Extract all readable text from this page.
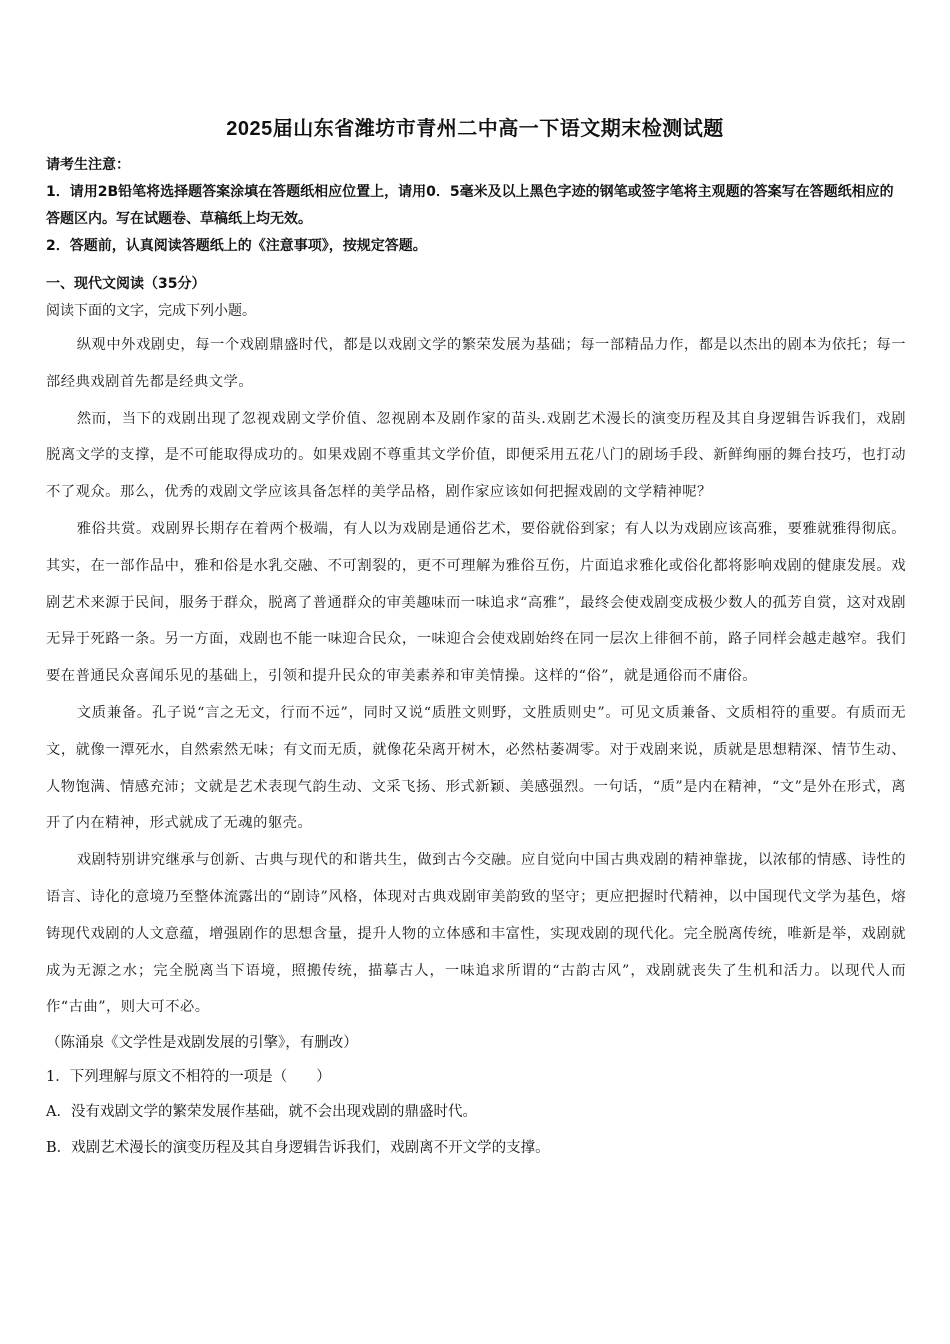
2025届山东省潍坊市青州二中高一下语文期末检测试题

请考生注意：

1．请用2B铅笔将选择题答案涂填在答题纸相应位置上，请用0．5毫米及以上黑色字迹的钢笔或签字笔将主观题的答案写在答题纸相应的答题区内。写在试题卷、草稿纸上均无效。

2．答题前，认真阅读答题纸上的《注意事项》，按规定答题。

一、现代文阅读（35分）

阅读下面的文字，完成下列小题。

纵观中外戏剧史，每一个戏剧鼎盛时代，都是以戏剧文学的繁荣发展为基础；每一部精品力作，都是以杰出的剧本为依托；每一部经典戏剧首先都是经典文学。

然而，当下的戏剧出现了忽视戏剧文学价值、忽视剧本及剧作家的苗头.戏剧艺术漫长的演变历程及其自身逻辑告诉我们，戏剧脱离文学的支撑，是不可能取得成功的。如果戏剧不尊重其文学价值，即便采用五花八门的剧场手段、新鲜绚丽的舞台技巧，也打动不了观众。那么，优秀的戏剧文学应该具备怎样的美学品格，剧作家应该如何把握戏剧的文学精神呢？

雅俗共赏。戏剧界长期存在着两个极端，有人以为戏剧是通俗艺术，要俗就俗到家；有人以为戏剧应该高雅，要雅就雅得彻底。其实，在一部作品中，雅和俗是水乳交融、不可割裂的，更不可理解为雅俗互伤，片面追求雅化或俗化都将影响戏剧的健康发展。戏剧艺术来源于民间，服务于群众，脱离了普通群众的审美趣味而一味追求“高雅”，最终会使戏剧变成极少数人的孤芳自赏，这对戏剧无异于死路一条。另一方面，戏剧也不能一味迎合民众，一味迎合会使戏剧始终在同一层次上徘徊不前，路子同样会越走越窄。我们要在普通民众喜闻乐见的基础上，引领和提升民众的审美素养和审美情操。这样的“俗”，就是通俗而不庸俗。

文质兼备。孔子说“言之无文，行而不远”，同时又说“质胜文则野，文胜质则史”。可见文质兼备、文质相符的重要。有质而无文，就像一潭死水，自然索然无味；有文而无质，就像花朵离开树木，必然枯萎凋零。对于戏剧来说，质就是思想精深、情节生动、人物饱满、情感充沛；文就是艺术表现气韵生动、文采飞扬、形式新颖、美感强烈。一句话，“质”是内在精神，“文”是外在形式，离开了内在精神，形式就成了无魂的躯壳。

戏剧特别讲究继承与创新、古典与现代的和谐共生，做到古今交融。应自觉向中国古典戏剧的精神靠拢，以浓郁的情感、诗性的语言、诗化的意境乃至整体流露出的“剧诗”风格，体现对古典戏剧审美韵致的坚守；更应把握时代精神，以中国现代文学为基色，熔铸现代戏剧的人文意蕴，增强剧作的思想含量，提升人物的立体感和丰富性，实现戏剧的现代化。完全脱离传统，唯新是举，戏剧就成为无源之水；完全脱离当下语境，照搬传统，描摹古人，一味追求所谓的“古韵古风”，戏剧就丧失了生机和活力。以现代人而作“古曲”，则大可不必。

（陈涌泉《文学性是戏剧发展的引擎》，有删改）

1．下列理解与原文不相符的一项是（　　）

A．没有戏剧文学的繁荣发展作基础，就不会出现戏剧的鼎盛时代。

B．戏剧艺术漫长的演变历程及其自身逻辑告诉我们，戏剧离不开文学的支撑。
